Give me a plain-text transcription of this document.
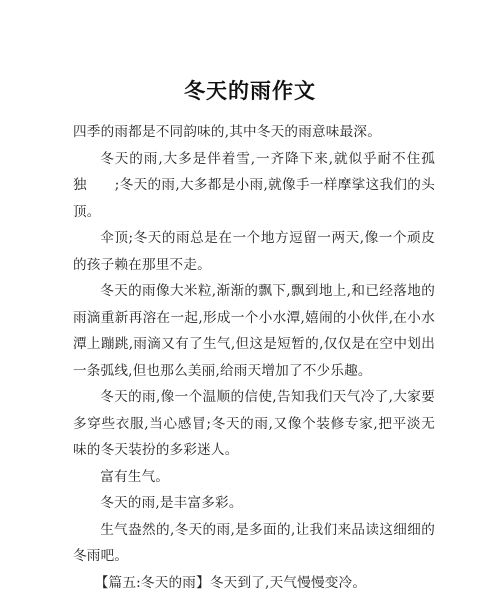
冬天的雨作文

四季的雨都是不同韵味的,其中冬天的雨意味最深。

冬天的雨,大多是伴着雪,一齐降下来,就似乎耐不住孤独　　;冬天的雨,大多都是小雨,就像手一样摩挲这我们的头顶。

伞顶;冬天的雨总是在一个地方逗留一两天,像一个顽皮的孩子赖在那里不走。

冬天的雨像大米粒,渐渐的飘下,飘到地上,和已经落地的雨滴重新再溶在一起,形成一个小水潭,嬉闹的小伙伴,在小水潭上蹦跳,雨滴又有了生气,但这是短暂的,仅仅是在空中划出一条弧线,但也那么美丽,给雨天增加了不少乐趣。

冬天的雨,像一个温顺的信使,告知我们天气冷了,大家要多穿些衣服,当心感冒;冬天的雨,又像个装修专家,把平淡无味的冬天装扮的多彩迷人。

富有生气。

冬天的雨,是丰富多彩。

生气盎然的,冬天的雨,是多面的,让我们来品读这细细的冬雨吧。

【篇五:冬天的雨】冬天到了,天气慢慢变冷。
